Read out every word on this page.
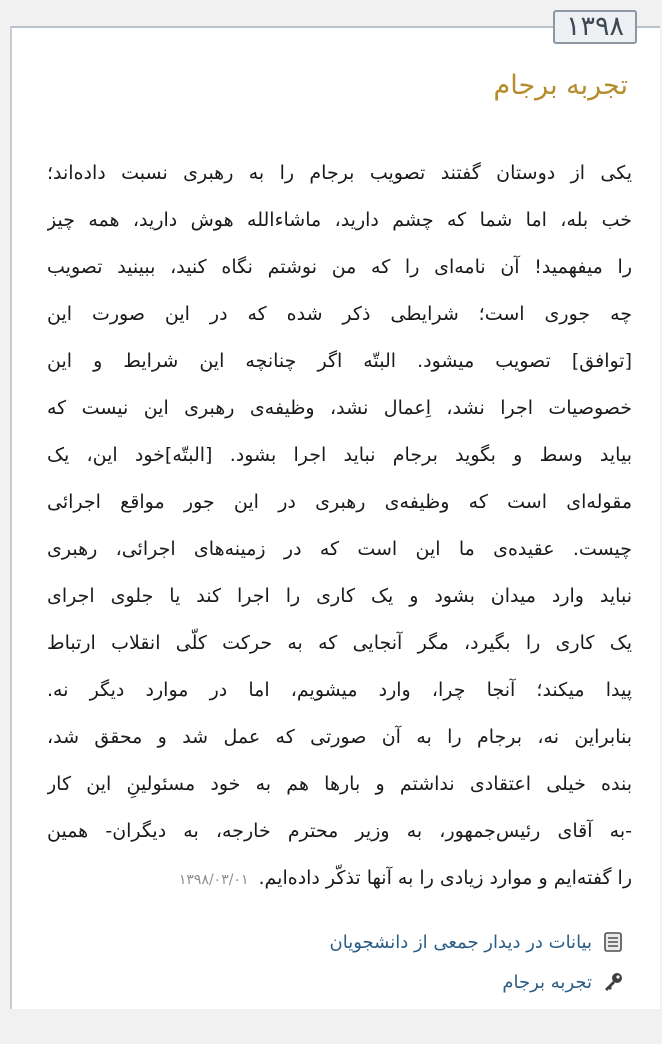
۱۳۹۸
تجربه برجام
یکی از دوستان گفتند تصویب برجام را به رهبری نسبت داده‌اند؛
خب بله، اما شما که چشم دارید، ماشاءالله هوش دارید، همه چیز
را میفهمید! آن نامه‌ای را که من نوشتم نگاه کنید، ببینید تصویب
چه جوری است؛ شرایطی ذکر شده که در این صورت این
[توافق] تصویب میشود. البتّه اگر چنانچه این شرایط و این
خصوصیات اجرا نشد، اِعمال نشد، وظیفه‌ی رهبری این نیست که
بیاید وسط و بگوید برجام نباید اجرا بشود. [البتّه]خود این، یک
مقوله‌ای است که وظیفه‌ی رهبری در این جور مواقع اجرائی
چیست. عقیده‌ی ما این است که در زمینه‌های اجرائی، رهبری
نباید وارد میدان بشود و یک کاری را اجرا کند یا جلوی اجرای
یک کاری را بگیرد، مگر آنجایی که به حرکت کلّی انقلاب ارتباط
پیدا میکند؛ آنجا چرا، وارد میشویم، اما در موارد دیگر نه.
بنابراین نه، برجام را به آن صورتی که عمل شد و محقق شد،
بنده خیلی اعتقادی نداشتم و بارها هم به خود مسئولینِ این کار
-به آقای رئیس‌جمهور، به وزیر محترم خارجه، به دیگران- همین
را گفته‌ایم و موارد زیادی را به آنها تذکّر داده‌ایم.۱۳۹۸/۰۳/۰۱
بیانات در دیدار جمعی از دانشجویان
تجربه برجام
